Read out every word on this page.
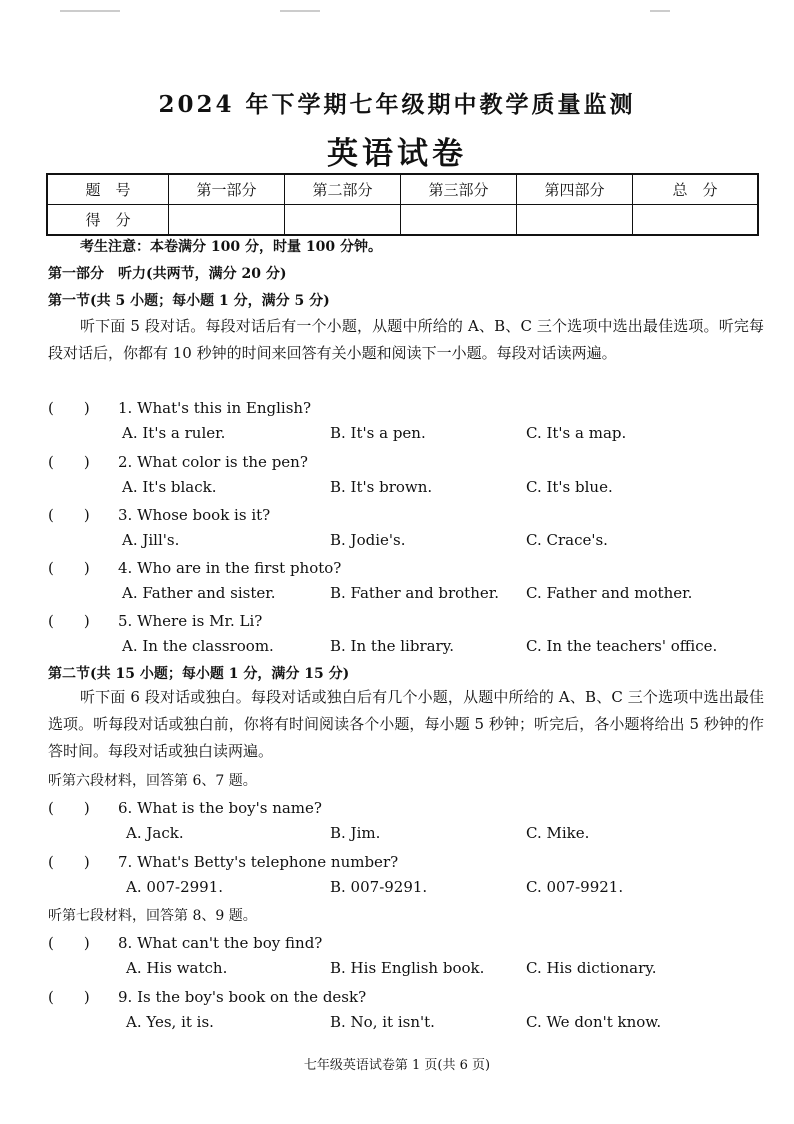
2024 年下学期七年级期中教学质量监测
英语试卷
题　号	第一部分	第二部分	第三部分	第四部分	总　分
得　分					
考生注意：本卷满分 100 分，时量 100 分钟。
第一部分　听力(共两节，满分 20 分)
第一节(共 5 小题；每小题 1 分，满分 5 分)
听下面 5 段对话。每段对话后有一个小题，从题中所给的 A、B、C 三个选项中选出最佳选项。听完每段对话后，你都有 10 秒钟的时间来回答有关小题和阅读下一小题。每段对话读两遍。
(　　) 1. What's this in English?
A. It's a ruler.	B. It's a pen.	C. It's a map.
(　　) 2. What color is the pen?
A. It's black.	B. It's brown.	C. It's blue.
(　　) 3. Whose book is it?
A. Jill's.	B. Jodie's.	C. Crace's.
(　　) 4. Who are in the first photo?
A. Father and sister.	B. Father and brother. C. Father and mother.
(　　) 5. Where is Mr. Li?
A. In the classroom.	B. In the library.	C. In the teachers' office.
第二节(共 15 小题；每小题 1 分，满分 15 分)
听下面 6 段对话或独白。每段对话或独白后有几个小题，从题中所给的 A、B、C 三个选项中选出最佳选项。听每段对话或独白前，你将有时间阅读各个小题，每小题 5 秒钟；听完后，各小题将给出 5 秒钟的作答时间。每段对话或独白读两遍。
听第六段材料，回答第 6、7 题。
(　　) 6. What is the boy's name?
A. Jack.	B. Jim.	C. Mike.
(　　) 7. What's Betty's telephone number?
A. 007-2991.	B. 007-9291.	C. 007-9921.
听第七段材料，回答第 8、9 题。
(　　) 8. What can't the boy find?
A. His watch.	B. His English book.	C. His dictionary.
(　　) 9. Is the boy's book on the desk?
A. Yes, it is.	B. No, it isn't.	C. We don't know.
七年级英语试卷第 1 页(共 6 页)
